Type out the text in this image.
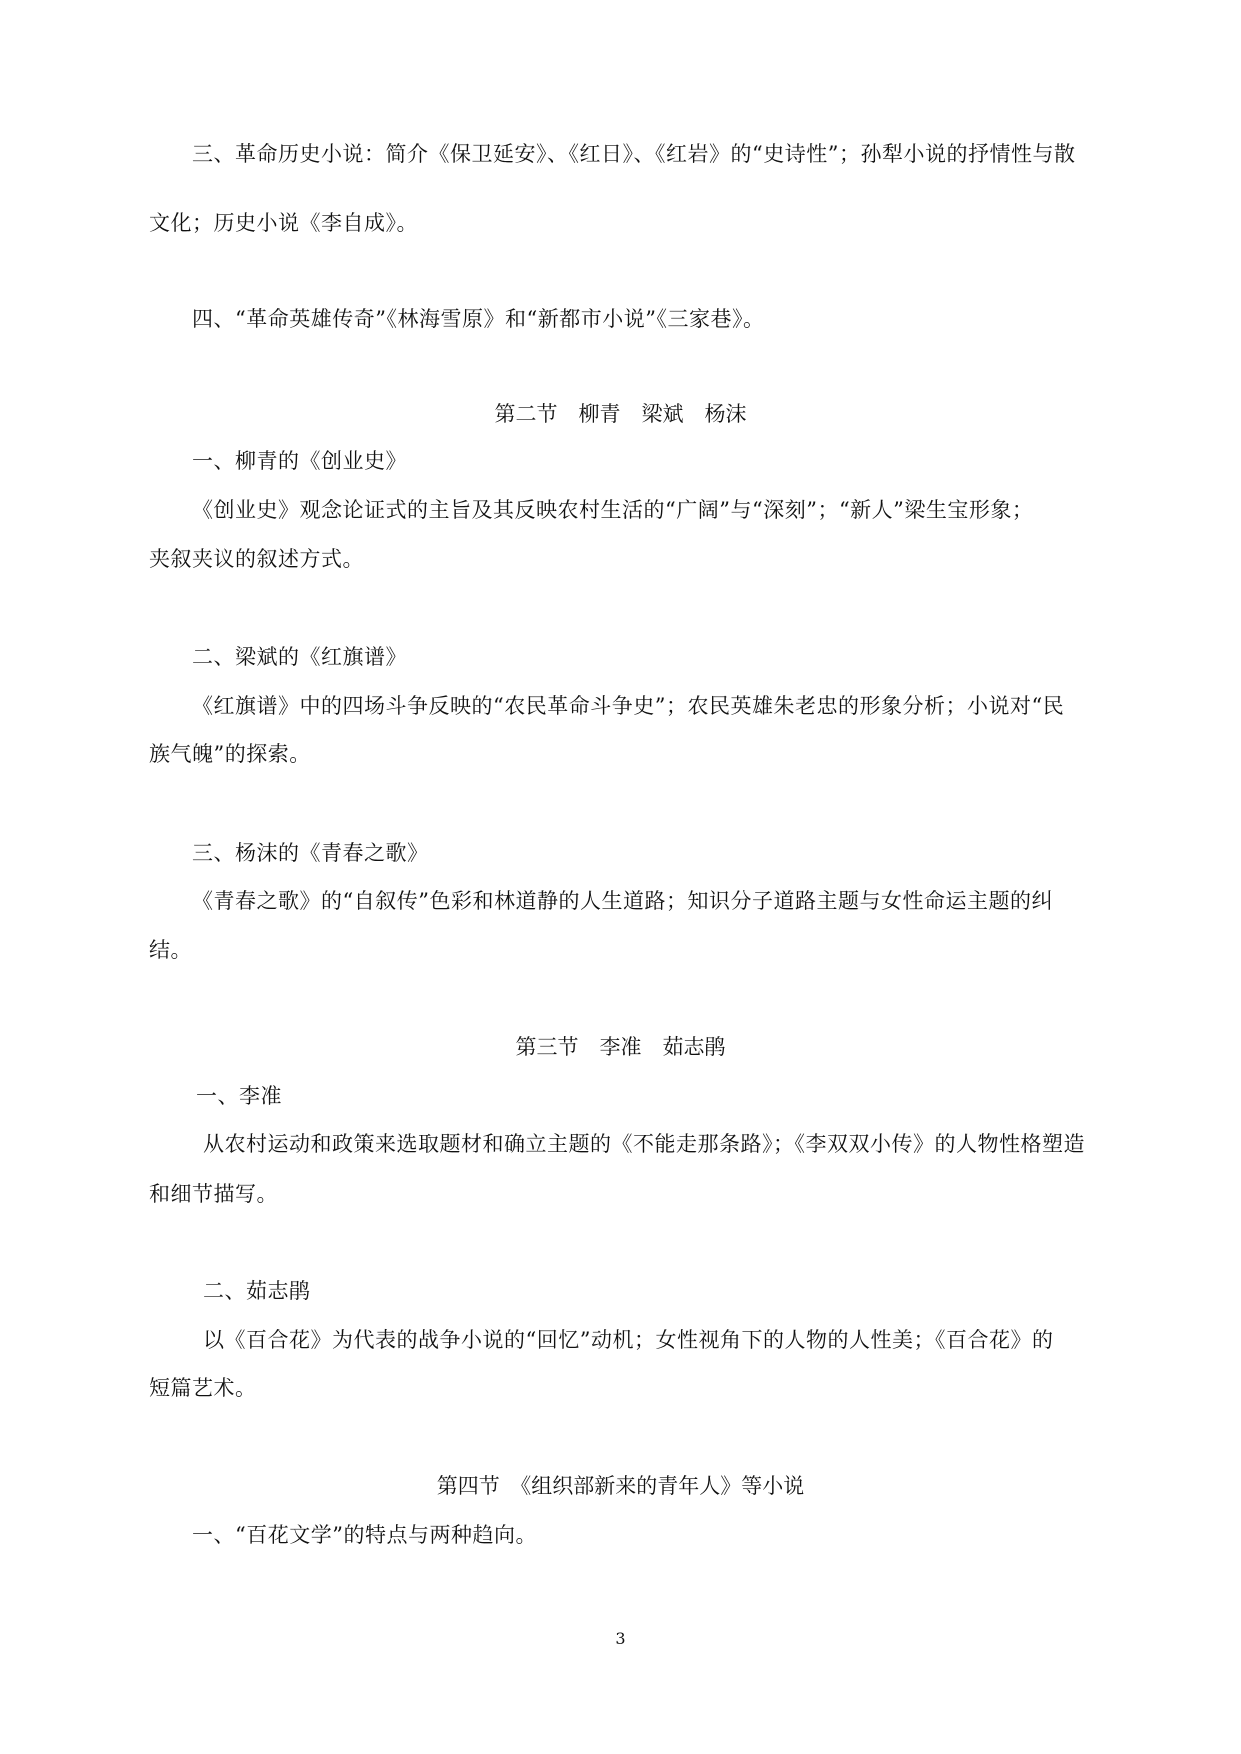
三、革命历史小说：简介《保卫延安》、《红日》、《红岩》的“史诗性”；孙犁小说的抒情性与散
文化；历史小说《李自成》。
四、“革命英雄传奇”《林海雪原》和“新都市小说”《三家巷》。
第二节　柳青　梁斌　杨沫
一、柳青的《创业史》
《创业史》观念论证式的主旨及其反映农村生活的“广阔”与“深刻”；“新人”梁生宝形象；
夹叙夹议的叙述方式。
二、梁斌的《红旗谱》
《红旗谱》中的四场斗争反映的“农民革命斗争史”；农民英雄朱老忠的形象分析；小说对“民
族气魄”的探索。
三、杨沫的《青春之歌》
《青春之歌》的“自叙传”色彩和林道静的人生道路；知识分子道路主题与女性命运主题的纠
结。
第三节　李准　茹志鹃
一、李准
从农村运动和政策来选取题材和确立主题的《不能走那条路》；《李双双小传》的人物性格塑造
和细节描写。
二、茹志鹃
以《百合花》为代表的战争小说的“回忆”动机；女性视角下的人物的人性美；《百合花》的
短篇艺术。
第四节　《组织部新来的青年人》等小说
一、“百花文学”的特点与两种趋向。
3
